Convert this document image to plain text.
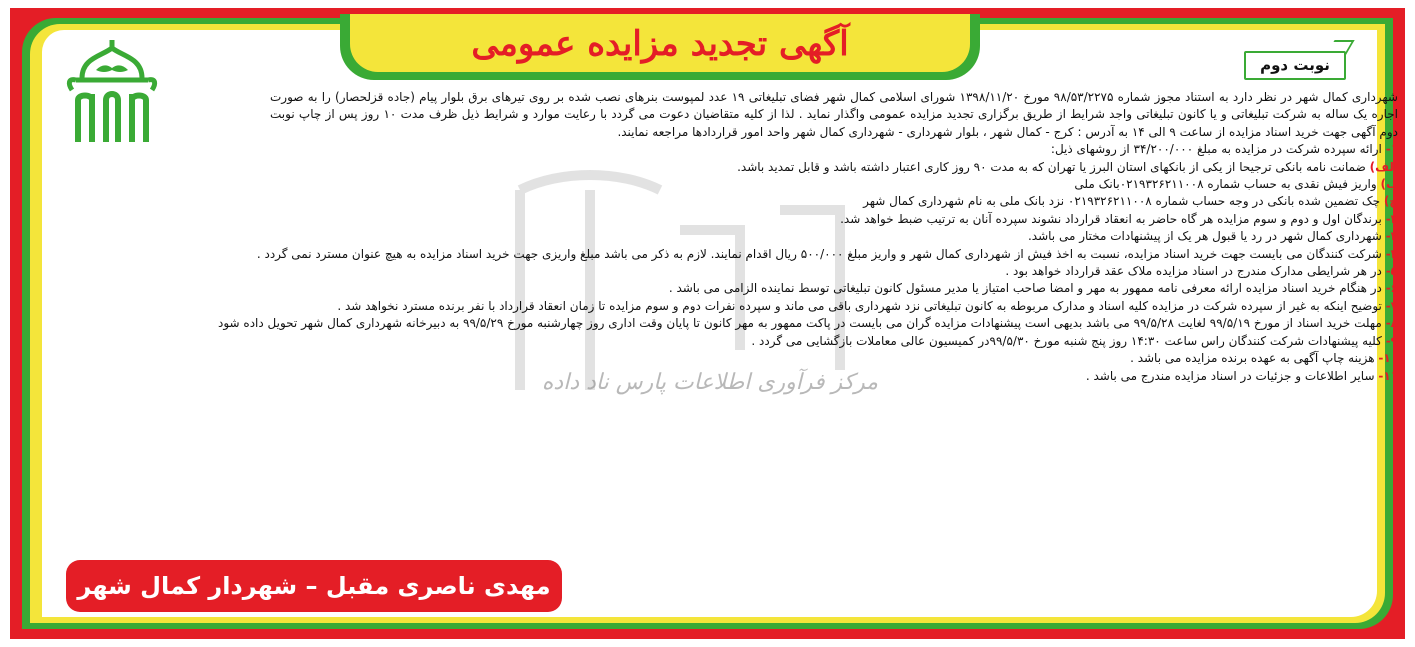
آگهی تجدید مزایده عمومی
نوبت دوم
مرکز فرآوری اطلاعات پارس ناد داده

شهرداری کمال شهر در نظر دارد به استناد مجوز شماره ۹۸/۵۳/۲۲۷۵ مورخ ۱۳۹۸/۱۱/۲۰ شورای اسلامی کمال شهر فضای تبلیغاتی ۱۹ عدد لمپوست بنرهای نصب شده بر روی تیرهای برق بلوار پیام (جاده قزلحصار) را به صورت اجاره یک ساله به شرکت تبلیغاتی و یا کانون تبلیغاتی واجد شرایط از طریق برگزاری تجدید مزایده عمومی واگذار نماید . لذا از کلیه متقاضیان دعوت می گردد با رعایت موارد و شرایط ذیل ظرف مدت ۱۰ روز پس از چاپ نوبت دوم آگهی جهت خرید اسناد مزایده از ساعت ۹ الی ۱۴ به آدرس : کرج - کمال شهر ، بلوار شهرداری - شهرداری کمال شهر واحد امور قراردادها مراجعه نمایند.

۱- ارائه سپرده شرکت در مزایده به مبلغ ۳۴/۲۰۰/۰۰۰ از روشهای ذیل:

الف) ضمانت نامه بانکی ترجیحا از یکی از بانکهای استان البرز یا تهران که به مدت ۹۰ روز کاری اعتبار داشته باشد و قابل تمدید باشد.

ب) واریز فیش نقدی به حساب شماره ۰۲۱۹۳۲۶۲۱۱۰۰۸بانک ملی

ج) چک تضمین شده بانکی در وجه حساب شماره ۰۲۱۹۳۲۶۲۱۱۰۰۸ نزد بانک ملی به نام شهرداری کمال شهر

۲- برندگان اول و دوم و سوم مزایده هر گاه حاضر به انعقاد قرارداد نشوند سپرده آنان به ترتیب ضبط خواهد شد.

۳- شهرداری کمال شهر در رد یا قبول هر یک از پیشنهادات مختار می باشد.

۴- شرکت کنندگان می بایست جهت خرید اسناد مزایده، نسبت به اخذ فیش از شهرداری کمال شهر و واریز مبلغ ۵۰۰/۰۰۰ ریال اقدام نمایند. لازم به ذکر می باشد مبلغ واریزی جهت خرید اسناد مزایده به هیچ عنوان مسترد نمی گردد .

۵- در هر شرایطی مدارک مندرج در اسناد مزایده ملاک عقد قرارداد خواهد بود .

۶- در هنگام خرید اسناد مزایده ارائه معرفی نامه ممهور به مهر و امضا صاحب امتیاز یا مدیر مسئول کانون تبلیغاتی توسط نماینده الزامی می باشد .

۷- توضیح اینکه به غیر از سپرده شرکت در مزایده کلیه اسناد و مدارک مربوطه به کانون تبلیغاتی نزد شهرداری باقی می ماند و سپرده نفرات دوم و سوم مزایده تا زمان انعقاد قرارداد با نفر برنده مسترد نخواهد شد .

۸- مهلت خرید اسناد از مورخ ۹۹/۵/۱۹ لغایت ۹۹/۵/۲۸ می باشد بدیهی است پیشنهادات مزایده گران می بایست در پاکت ممهور به مهر کانون تا پایان وقت اداری روز چهارشنبه مورخ ۹۹/۵/۲۹ به دبیرخانه شهرداری کمال شهر تحویل داده شود

۹- کلیه پیشنهادات شرکت کنندگان راس ساعت ۱۴:۳۰ روز پنج شنبه مورخ ۹۹/۵/۳۰در کمیسیون عالی معاملات بازگشایی می گردد .

۱۰- هزینه چاپ آگهی به عهده برنده مزایده می باشد .

۱۱- سایر اطلاعات و جزئیات در اسناد مزایده مندرج می باشد .

مهدی ناصری مقبل – شهردار کمال شهر
